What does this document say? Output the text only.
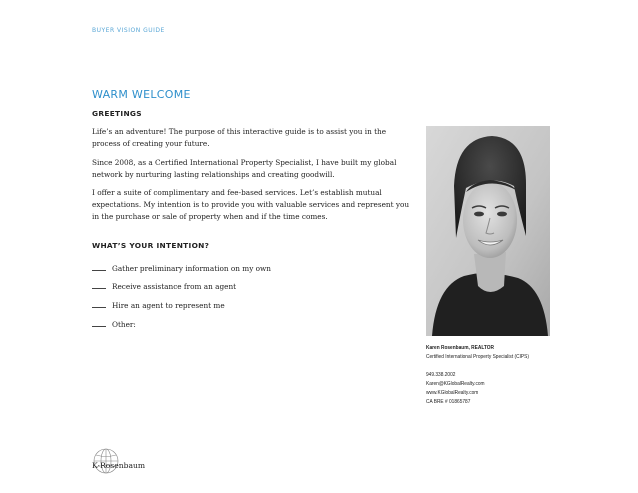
BUYER VISION GUIDE
WARM WELCOME
GREETINGS

Life’s an adventure! The purpose of this interactive guide is to assist you in the process of creating your future.

Since 2008, as a Certified International Property Specialist, I have built my global network by nurturing lasting relationships and creating goodwill.

I offer a suite of complimentary and fee-based services. Let’s establish mutual expectations. My intention is to provide you with valuable services and represent you in the purchase or sale of property when and if the time comes.

WHAT’S YOUR INTENTION?
Gather preliminary information on my own
Receive assistance from an agent
Hire an agent to represent me
Other:
Karen Rosenbaum, REALTOR
Certified International Property Specialist (CIPS)
949.338.2002
Karen@KGlobalRealty.com
www.KGlobalRealty.com
CA BRE # 01865787
K·Rosenbaum
